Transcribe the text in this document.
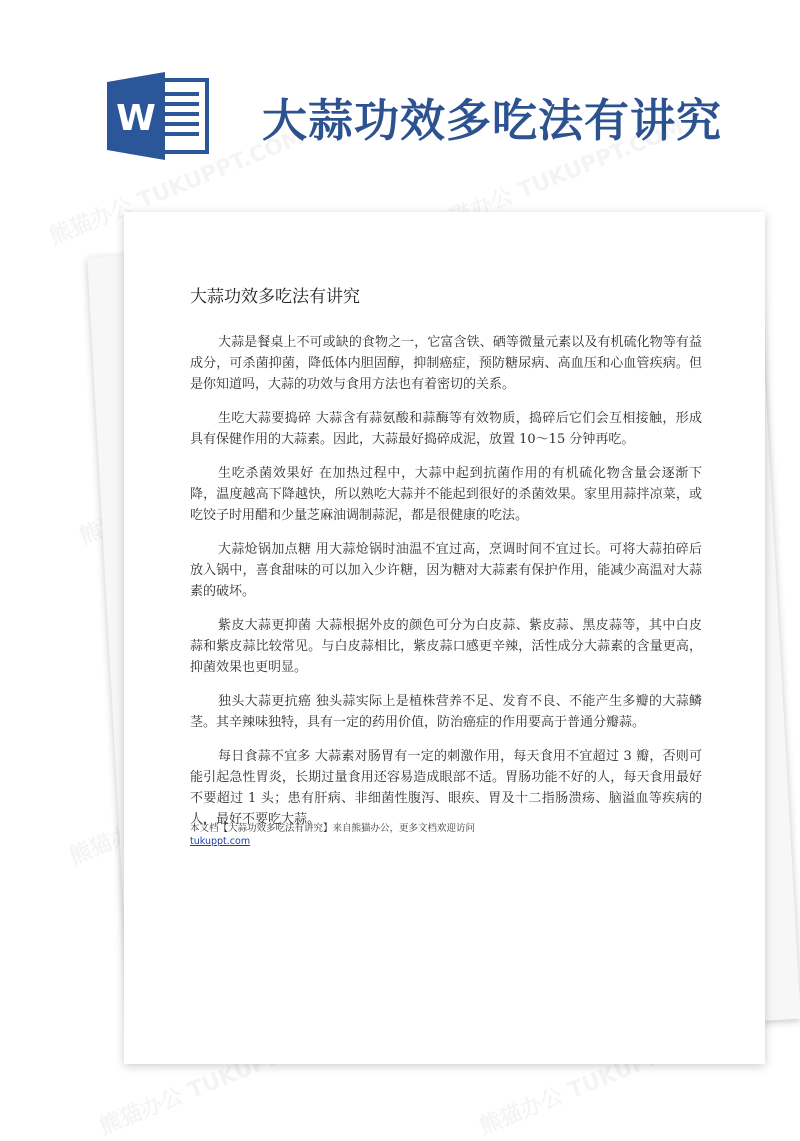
W 大蒜功效多吃法有讲究
大蒜功效多吃法有讲究

大蒜是餐桌上不可或缺的食物之一，它富含铁、硒等微量元素以及有机硫化物等有益成分，可杀菌抑菌，降低体内胆固醇，抑制癌症，预防糖尿病、高血压和心血管疾病。但是你知道吗，大蒜的功效与食用方法也有着密切的关系。

生吃大蒜要捣碎 大蒜含有蒜氨酸和蒜酶等有效物质，捣碎后它们会互相接触，形成具有保健作用的大蒜素。因此，大蒜最好捣碎成泥，放置 10～15 分钟再吃。

生吃杀菌效果好 在加热过程中，大蒜中起到抗菌作用的有机硫化物含量会逐渐下降，温度越高下降越快，所以熟吃大蒜并不能起到很好的杀菌效果。家里用蒜拌凉菜，或吃饺子时用醋和少量芝麻油调制蒜泥，都是很健康的吃法。

大蒜炝锅加点糖 用大蒜炝锅时油温不宜过高，烹调时间不宜过长。可将大蒜拍碎后放入锅中，喜食甜味的可以加入少许糖，因为糖对大蒜素有保护作用，能减少高温对大蒜素的破坏。

紫皮大蒜更抑菌 大蒜根据外皮的颜色可分为白皮蒜、紫皮蒜、黑皮蒜等，其中白皮蒜和紫皮蒜比较常见。与白皮蒜相比，紫皮蒜口感更辛辣，活性成分大蒜素的含量更高，抑菌效果也更明显。

独头大蒜更抗癌 独头蒜实际上是植株营养不足、发育不良、不能产生多瓣的大蒜鳞茎。其辛辣味独特，具有一定的药用价值，防治癌症的作用要高于普通分瓣蒜。

每日食蒜不宜多 大蒜素对肠胃有一定的刺激作用，每天食用不宜超过 3 瓣，否则可能引起急性胃炎，长期过量食用还容易造成眼部不适。胃肠功能不好的人，每天食用最好不要超过 1 头；患有肝病、非细菌性腹泻、眼疾、胃及十二指肠溃疡、脑溢血等疾病的人，最好不要吃大蒜。

本文档【大蒜功效多吃法有讲究】来自熊猫办公，更多文档欢迎访问
tukuppt.com
